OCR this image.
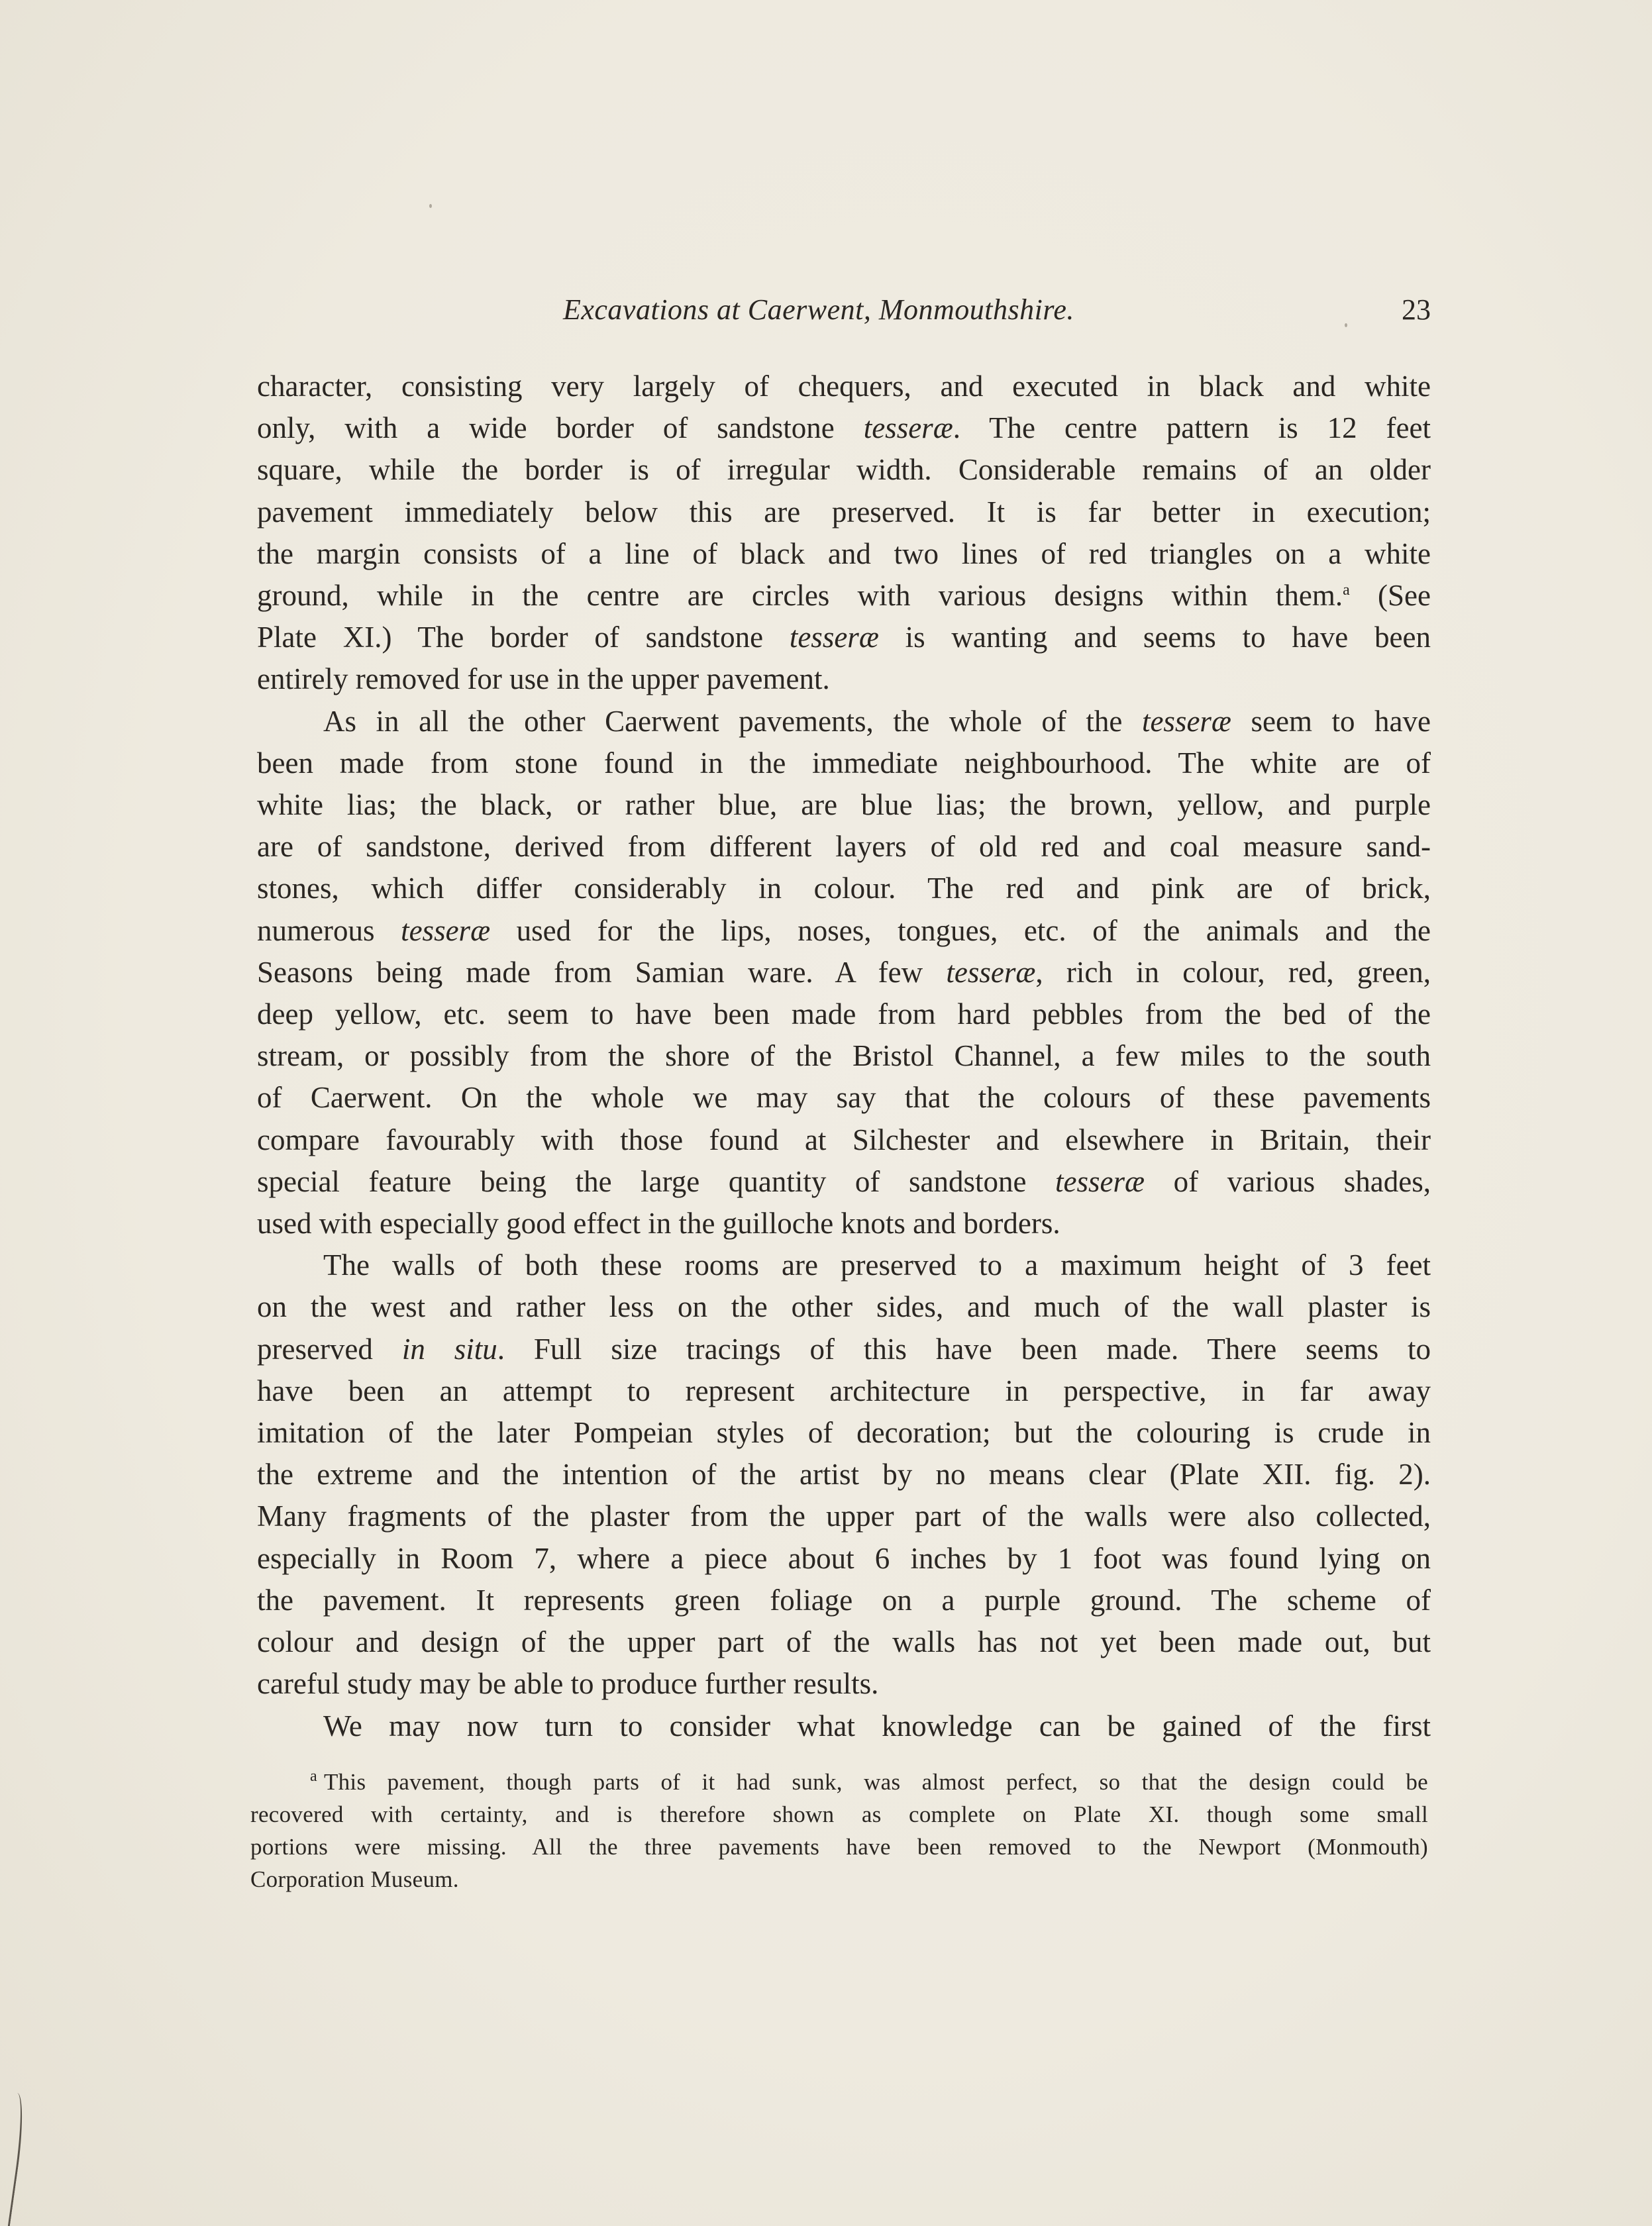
Excavations at Caerwent, Monmouthshire.	23

character, consisting very largely of chequers, and executed in black and white

only, with a wide border of sandstone tesseræ. The centre pattern is 12 feet

square, while the border is of irregular width. Considerable remains of an older

pavement immediately below this are preserved. It is far better in execution;

the margin consists of a line of black and two lines of red triangles on a white

ground, while in the centre are circles with various designs within them.$^a$ (See

Plate XI.) The border of sandstone tesseræ is wanting and seems to have been

entirely removed for use in the upper pavement.

As in all the other Caerwent pavements, the whole of the tesseræ seem to have

been made from stone found in the immediate neighbourhood. The white are of

white lias; the black, or rather blue, are blue lias; the brown, yellow, and purple

are of sandstone, derived from different layers of old red and coal measure sand-

stones, which differ considerably in colour. The red and pink are of brick,

numerous tesseræ used for the lips, noses, tongues, etc. of the animals and the

Seasons being made from Samian ware. A few tesseræ, rich in colour, red, green,

deep yellow, etc. seem to have been made from hard pebbles from the bed of the

stream, or possibly from the shore of the Bristol Channel, a few miles to the south

of Caerwent. On the whole we may say that the colours of these pavements

compare favourably with those found at Silchester and elsewhere in Britain, their

special feature being the large quantity of sandstone tesseræ of various shades,

used with especially good effect in the guilloche knots and borders.

The walls of both these rooms are preserved to a maximum height of 3 feet

on the west and rather less on the other sides, and much of the wall plaster is

preserved in situ. Full size tracings of this have been made. There seems to

have been an attempt to represent architecture in perspective, in far away

imitation of the later Pompeian styles of decoration; but the colouring is crude in

the extreme and the intention of the artist by no means clear (Plate XII. fig. 2).

Many fragments of the plaster from the upper part of the walls were also collected,

especially in Room 7, where a piece about 6 inches by 1 foot was found lying on

the pavement. It represents green foliage on a purple ground. The scheme of

colour and design of the upper part of the walls has not yet been made out, but

careful study may be able to produce further results.

We may now turn to consider what knowledge can be gained of the first

$^a$ This pavement, though parts of it had sunk, was almost perfect, so that the design could be
recovered with certainty, and is therefore shown as complete on Plate XI. though some small
portions were missing. All the three pavements have been removed to the Newport (Monmouth)
Corporation Museum.
